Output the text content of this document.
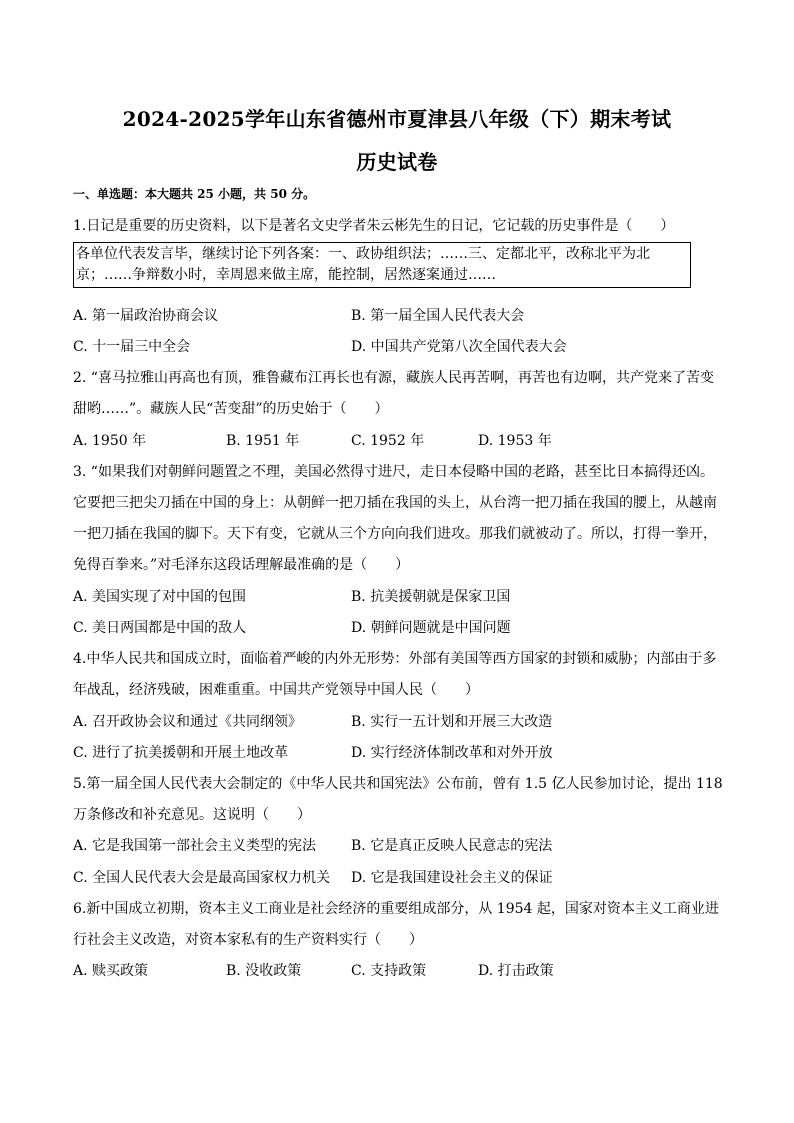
2024-2025学年山东省德州市夏津县八年级（下）期末考试
历史试卷
一、单选题：本大题共 25 小题，共 50 分。
1.日记是重要的历史资料，以下是著名文史学者朱云彬先生的日记，它记载的历史事件是（　　）
各单位代表发言毕，继续讨论下列各案：一、政协组织法；……三、定都北平，改称北平为北
京；……争辩数小时，幸周恩来做主席，能控制，居然逐案通过……
A. 第一届政治协商会议	B. 第一届全国人民代表大会
C. 十一届三中全会	D. 中国共产党第八次全国代表大会
2. “喜马拉雅山再高也有顶，雅鲁藏布江再长也有源，藏族人民再苦啊，再苦也有边啊，共产党来了苦变
甜哟……”。藏族人民“苦变甜”的历史始于（　　）
A. 1950 年	B. 1951 年	C. 1952 年	D. 1953 年
3. “如果我们对朝鲜问题置之不理，美国必然得寸进尺，走日本侵略中国的老路，甚至比日本搞得还凶。
它要把三把尖刀插在中国的身上：从朝鲜一把刀插在我国的头上，从台湾一把刀插在我国的腰上，从越南
一把刀插在我国的脚下。天下有变，它就从三个方向向我们进攻。那我们就被动了。所以，打得一拳开，
免得百拳来。”对毛泽东这段话理解最准确的是（　　）
A. 美国实现了对中国的包围	B. 抗美援朝就是保家卫国
C. 美日两国都是中国的敌人	D. 朝鲜问题就是中国问题
4.中华人民共和国成立时，面临着严峻的内外无形势：外部有美国等西方国家的封锁和威胁；内部由于多
年战乱，经济残破，困难重重。中国共产党领导中国人民（　　）
A. 召开政协会议和通过《共同纲领》	B. 实行一五计划和开展三大改造
C. 进行了抗美援朝和开展土地改革	D. 实行经济体制改革和对外开放
5.第一届全国人民代表大会制定的《中华人民共和国宪法》公布前，曾有 1.5 亿人民参加讨论，提出 118
万条修改和补充意见。这说明（　　）
A. 它是我国第一部社会主义类型的宪法 B. 它是真正反映人民意志的宪法
C. 全国人民代表大会是最高国家权力机关 D. 它是我国建设社会主义的保证
6.新中国成立初期，资本主义工商业是社会经济的重要组成部分，从 1954 起，国家对资本主义工商业进
行社会主义改造，对资本家私有的生产资料实行（　　）
A. 赎买政策	B. 没收政策	C. 支持政策	D. 打击政策
